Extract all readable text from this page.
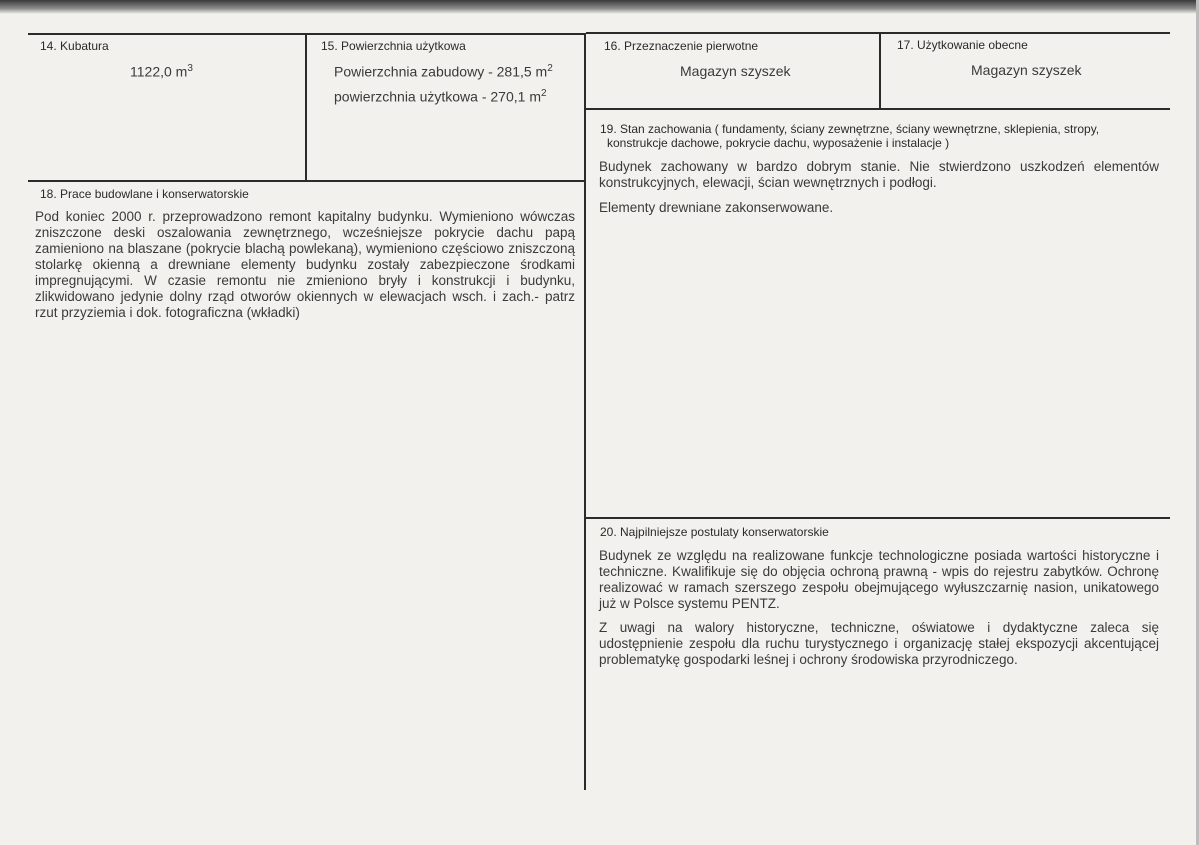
14. Kubatura
1122,0 $m^3$
15. Powierzchnia użytkowa
Powierzchnia zabudowy - 281,5 $m^2$
powierzchnia użytkowa - 270,1 $m^2$
16. Przeznaczenie pierwotne
Magazyn szyszek
17. Użytkowanie obecne
Magazyn szyszek
18. Prace budowlane i konserwatorskie

Pod koniec 2000 r. przeprowadzono remont kapitalny budynku. Wymieniono wówczas zniszczone deski oszalowania zewnętrznego, wcześniejsze pokrycie dachu papą zamieniono na blaszane (pokrycie blachą powlekaną), wymieniono częściowo zniszczoną stolarkę okienną a drewniane elementy budynku zostały zabezpieczone środkami impregnującymi. W czasie remontu nie zmieniono bryły i konstrukcji i budynku, zlikwidowano jedynie dolny rząd otworów okiennych w elewacjach wsch. i zach.- patrz rzut przyziemia i dok. fotograficzna (wkładki)

19. Stan zachowania ( fundamenty, ściany zewnętrzne, ściany wewnętrzne, sklepienia, stropy,
konstrukcje dachowe, pokrycie dachu, wyposażenie i instalacje )

Budynek zachowany w bardzo dobrym stanie. Nie stwierdzono uszkodzeń elementów konstrukcyjnych, elewacji, ścian wewnętrznych i podłogi.

Elementy drewniane zakonserwowane.

20. Najpilniejsze postulaty konserwatorskie

Budynek ze względu na realizowane funkcje technologiczne posiada wartości historyczne i techniczne. Kwalifikuje się do objęcia ochroną prawną - wpis do rejestru zabytków. Ochronę realizować w ramach szerszego zespołu obejmującego wyłuszczarnię nasion, unikatowego już w Polsce systemu PENTZ.

Z uwagi na walory historyczne, techniczne, oświatowe i dydaktyczne zaleca się udostępnienie zespołu dla ruchu turystycznego i organizację stałej ekspozycji akcentującej problematykę gospodarki leśnej i ochrony środowiska przyrodniczego.
